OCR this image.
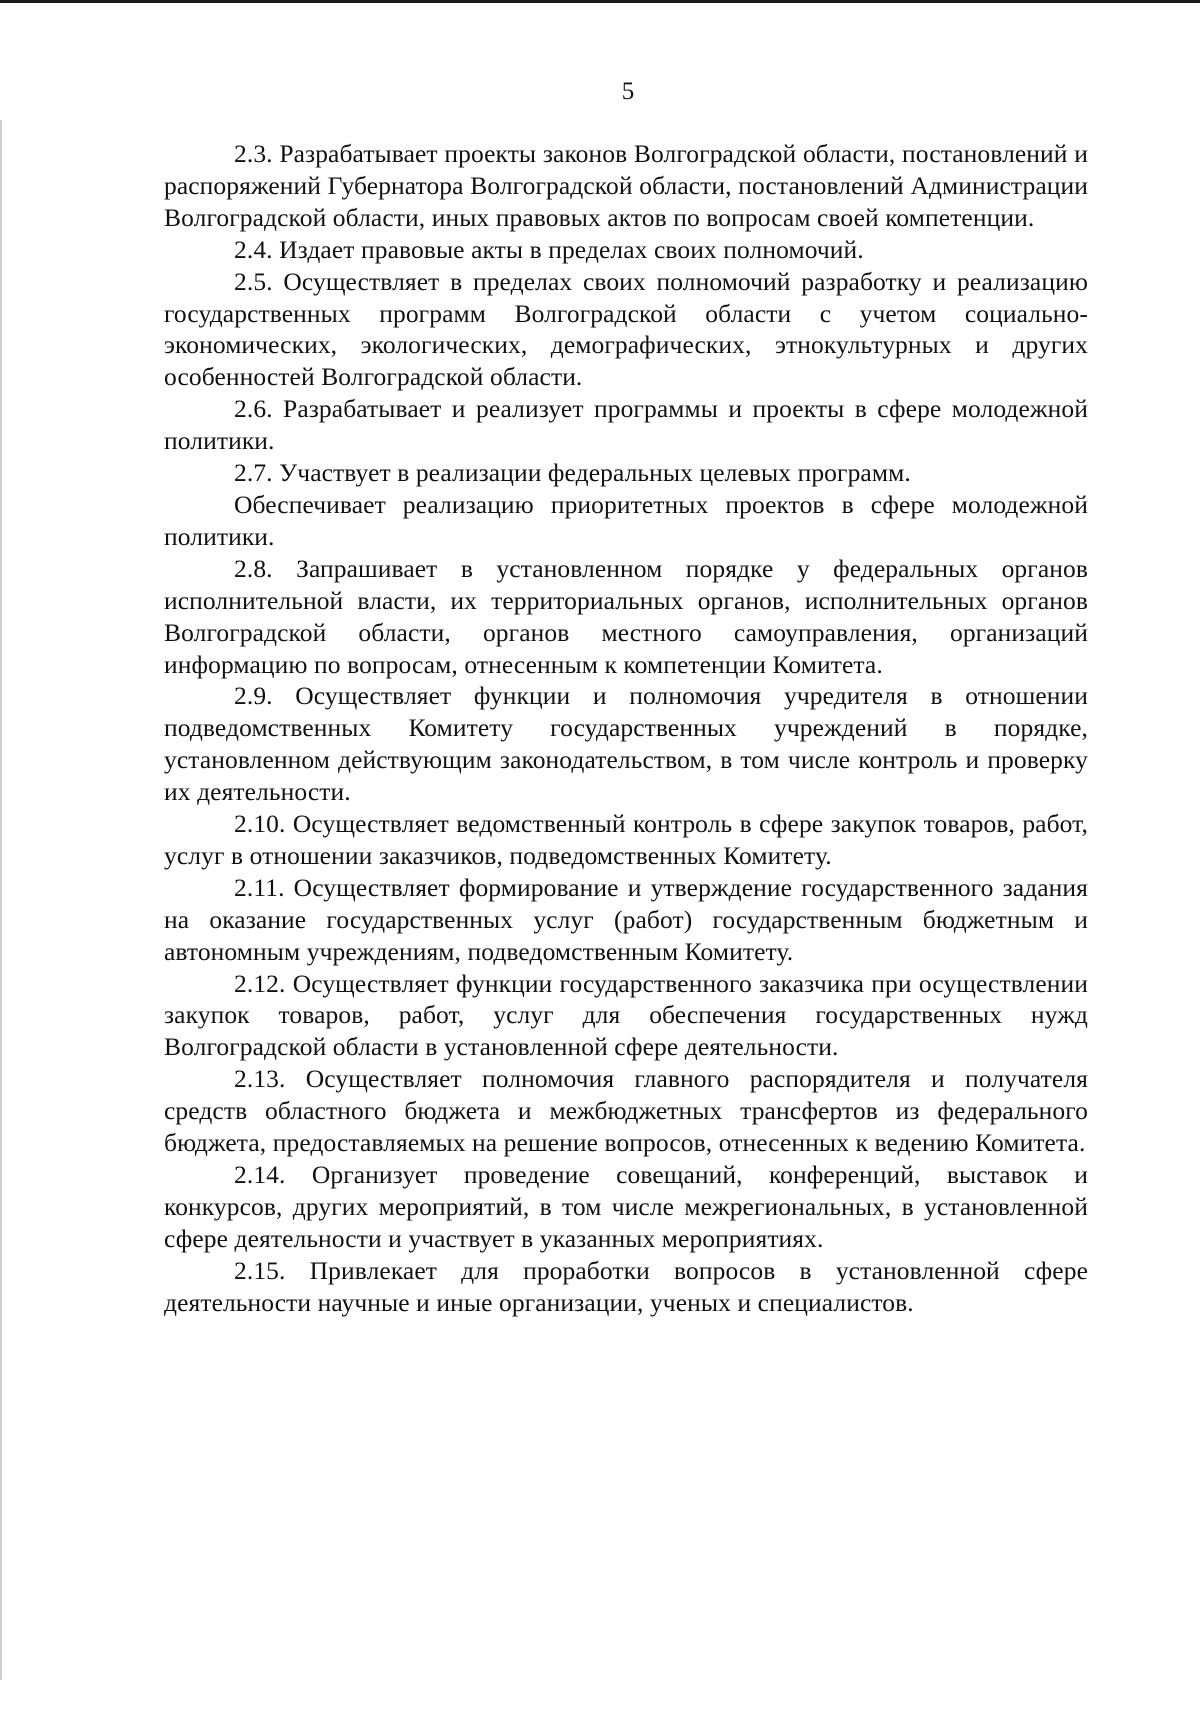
5

2.3. Разрабатывает проекты законов Волгоградской области, постановлений и распоряжений Губернатора Волгоградской области, постановлений Администрации Волгоградской области, иных правовых актов по вопросам своей компетенции.

2.4. Издает правовые акты в пределах своих полномочий.

2.5. Осуществляет в пределах своих полномочий разработку и реализацию государственных программ Волгоградской области с учетом социально-экономических, экологических, демографических, этнокультурных и других особенностей Волгоградской области.

2.6. Разрабатывает и реализует программы и проекты в сфере молодежной политики.

2.7. Участвует в реализации федеральных целевых программ.

Обеспечивает реализацию приоритетных проектов в сфере молодежной политики.

2.8. Запрашивает в установленном порядке у федеральных органов исполнительной власти, их территориальных органов, исполнительных органов Волгоградской области, органов местного самоуправления, организаций информацию по вопросам, отнесенным к компетенции Комитета.

2.9. Осуществляет функции и полномочия учредителя в отношении подведомственных Комитету государственных учреждений в порядке, установленном действующим законодательством, в том числе контроль и проверку их деятельности.

2.10. Осуществляет ведомственный контроль в сфере закупок товаров, работ, услуг в отношении заказчиков, подведомственных Комитету.

2.11. Осуществляет формирование и утверждение государственного задания на оказание государственных услуг (работ) государственным бюджетным и автономным учреждениям, подведомственным Комитету.

2.12. Осуществляет функции государственного заказчика при осуществлении закупок товаров, работ, услуг для обеспечения государственных нужд Волгоградской области в установленной сфере деятельности.

2.13. Осуществляет полномочия главного распорядителя и получателя средств областного бюджета и межбюджетных трансфертов из федерального бюджета, предоставляемых на решение вопросов, отнесенных к ведению Комитета.

2.14. Организует проведение совещаний, конференций, выставок и конкурсов, других мероприятий, в том числе межрегиональных, в установленной сфере деятельности и участвует в указанных мероприятиях.

2.15. Привлекает для проработки вопросов в установленной сфере деятельности научные и иные организации, ученых и специалистов.
